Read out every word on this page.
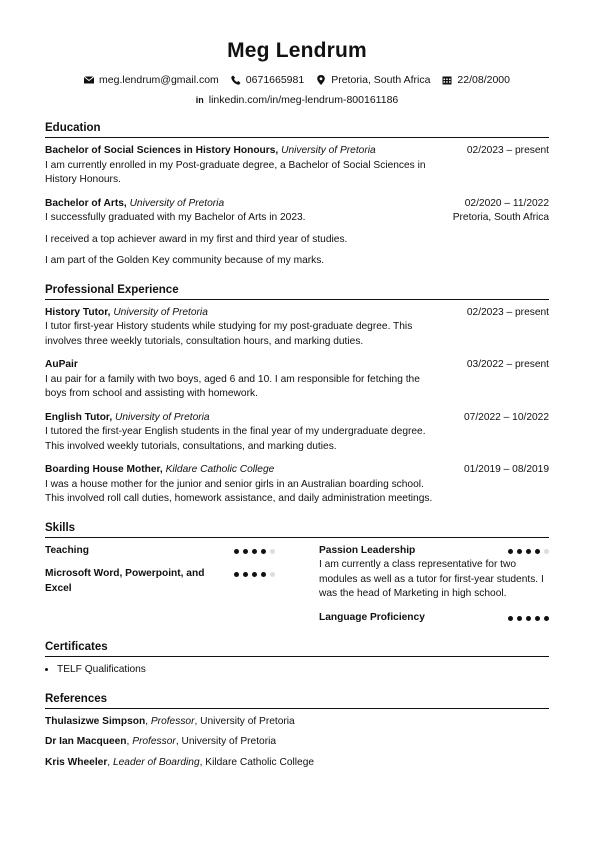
Meg Lendrum
meg.lendrum@gmail.com	0671665981	Pretoria, South Africa	22/08/2000
in linkedin.com/in/meg-lendrum-800161186
Education
Bachelor of Social Sciences in History Honours, University of Pretoria	02/2023 – present
I am currently enrolled in my Post-graduate degree, a Bachelor of Social Sciences in History Honours.
Bachelor of Arts, University of Pretoria	02/2020 – 11/2022
I successfully graduated with my Bachelor of Arts in 2023.	Pretoria, South Africa
I received a top achiever award in my first and third year of studies.
I am part of the Golden Key community because of my marks.
Professional Experience
History Tutor, University of Pretoria	02/2023 – present
I tutor first-year History students while studying for my post-graduate degree. This involves three weekly tutorials, consultation hours, and marking duties.
AuPair	03/2022 – present
I au pair for a family with two boys, aged 6 and 10. I am responsible for fetching the boys from school and assisting with homework.
English Tutor, University of Pretoria	07/2022 – 10/2022
I tutored the first-year English students in the final year of my undergraduate degree. This involved weekly tutorials, consultations, and marking duties.
Boarding House Mother, Kildare Catholic College	01/2019 – 08/2019
I was a house mother for the junior and senior girls in an Australian boarding school. This involved roll call duties, homework assistance, and daily administration meetings.
Skills
Teaching
Microsoft Word, Powerpoint, and Excel
Passion Leadership
I am currently a class representative for two modules as well as a tutor for first-year students. I was the head of Marketing in high school.
Language Proficiency
Certificates
• TELF Qualifications
References
Thulasizwe Simpson, Professor, University of Pretoria
Dr Ian Macqueen, Professor, University of Pretoria
Kris Wheeler, Leader of Boarding, Kildare Catholic College
